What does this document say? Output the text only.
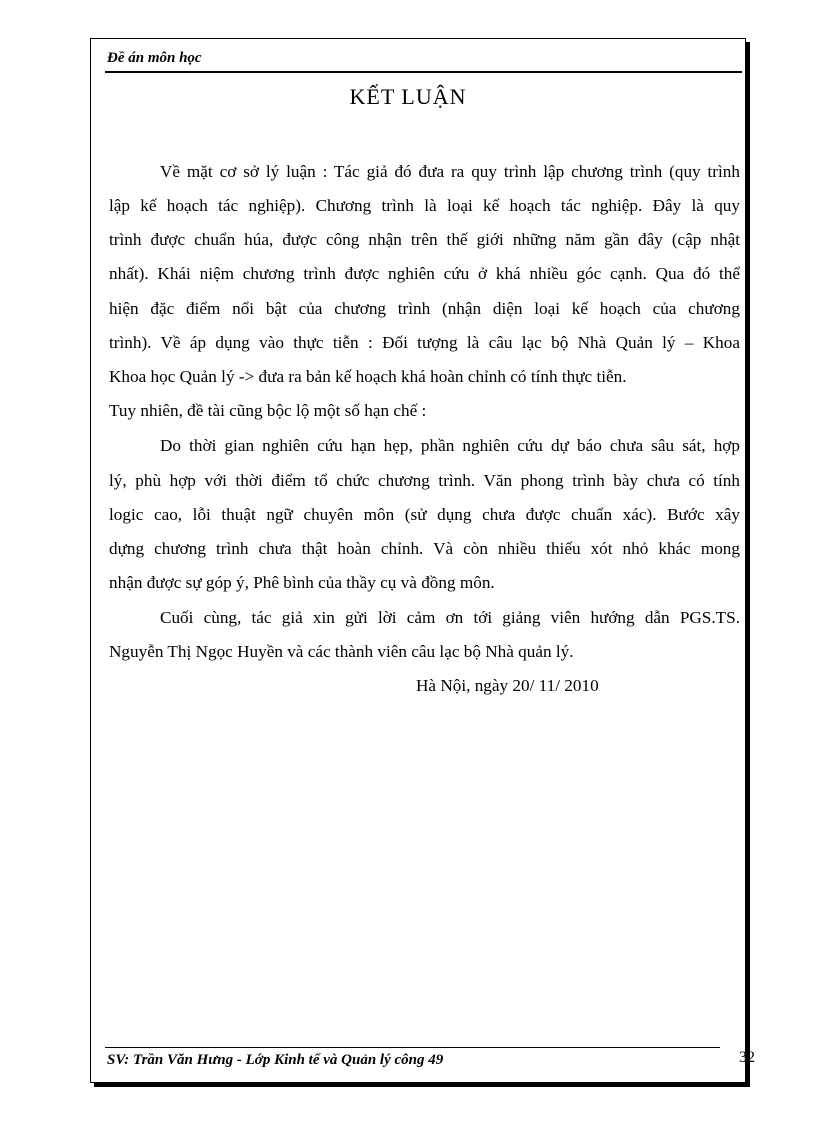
Đề án môn học
KẾT LUẬN
Về mặt cơ sở lý luận : Tác giả đó đưa ra quy trình lập chương trình (quy trình
lập kế hoạch tác nghiệp). Chương trình là loại kế hoạch tác nghiệp. Đây là quy
trình được chuẩn húa, được công nhận trên thế giới những năm gần đây (cập nhật
nhất). Khái niệm chương trình được nghiên cứu ở khá nhiều góc cạnh. Qua đó thể
hiện đặc điểm nổi bật của chương trình (nhận diện loại kế hoạch của chương
trình). Về áp dụng vào thực tiễn : Đối tượng là câu lạc bộ Nhà Quản lý – Khoa
Khoa học Quản lý -> đưa ra bản kế hoạch khá hoàn chỉnh có tính thực tiễn.
Tuy nhiên, đề tài cũng bộc lộ một số hạn chế :
Do thời gian nghiên cứu hạn hẹp, phần nghiên cứu dự báo chưa sâu sát, hợp
lý, phù hợp với thời điểm tổ chức chương trình. Văn phong trình bày chưa có tính
logic cao, lỗi thuật ngữ chuyên môn (sử dụng chưa được chuẩn xác). Bước xây
dựng chương trình chưa thật hoàn chỉnh. Và còn nhiều thiếu xót nhỏ khác mong
nhận được sự góp ý, Phê bình của thầy cụ và đồng môn.
Cuối cùng, tác giả xin gửi lời cảm ơn tới giảng viên hướng dẫn PGS.TS.
Nguyễn Thị Ngọc Huyền và các thành viên câu lạc bộ Nhà quản lý.
Hà Nội, ngày 20/ 11/ 2010
SV: Trần Văn Hưng - Lớp Kinh tế và Quản lý công 49	32
